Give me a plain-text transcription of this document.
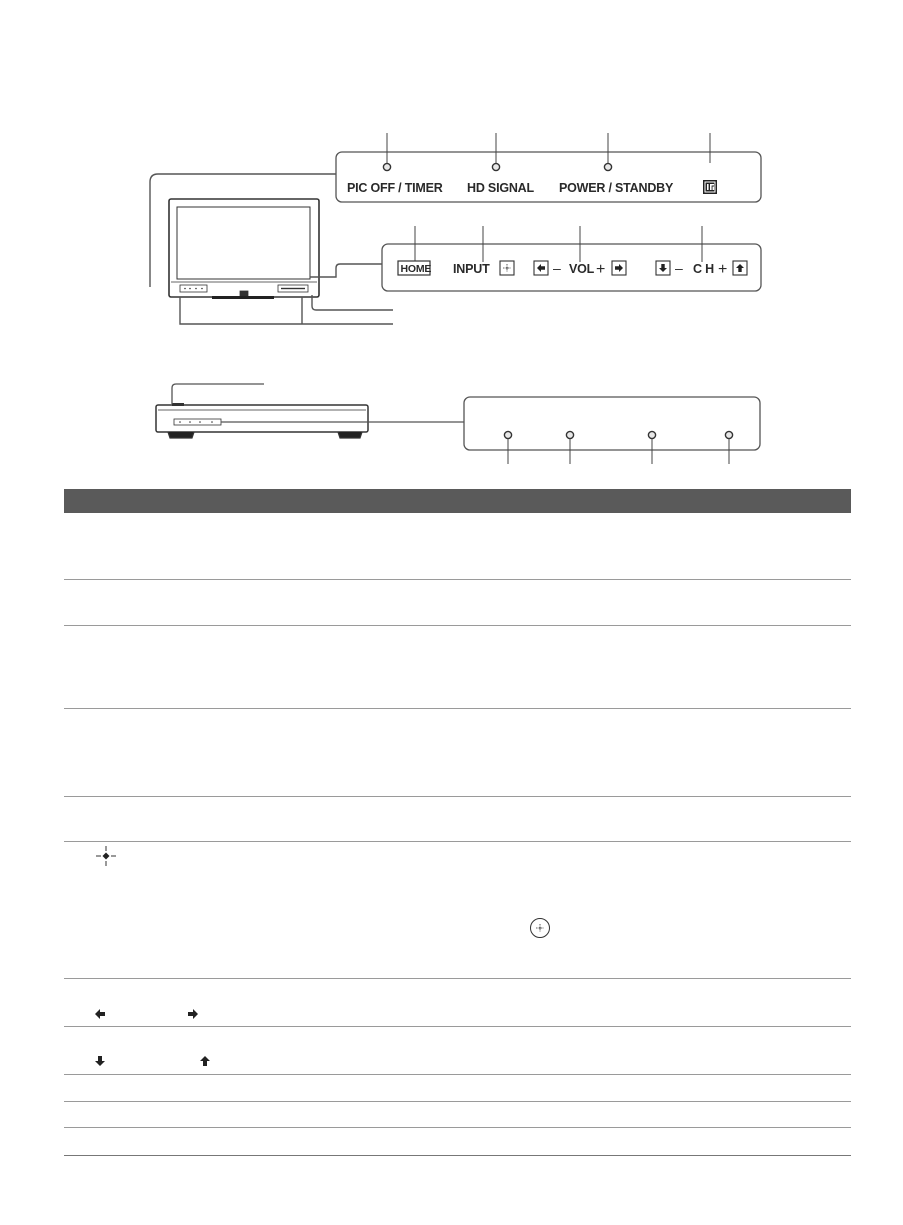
PIC OFF / TIMER HD SIGNAL POWER / STANDBY
HOME INPUT	– VOL +	– C H +
